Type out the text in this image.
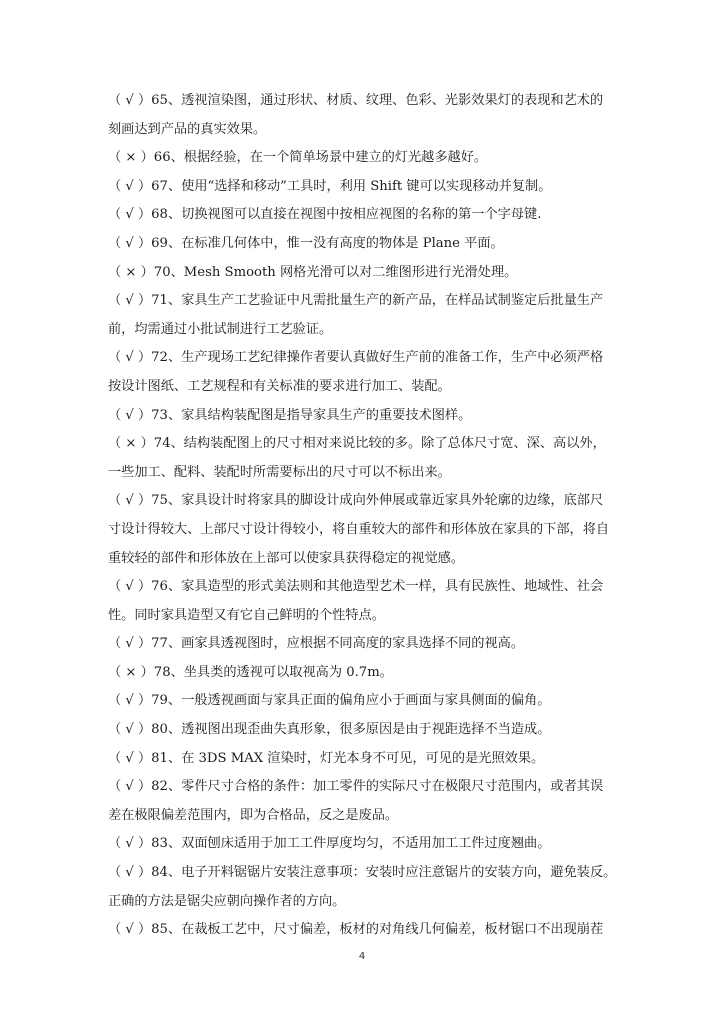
（ √ ）65、透视渲染图，通过形状、材质、纹理、色彩、光影效果灯的表现和艺术的
刻画达到产品的真实效果。
（ × ）66、根据经验，在一个简单场景中建立的灯光越多越好。
（ √ ）67、使用“选择和移动”工具时，利用 Shift 键可以实现移动并复制。
（ √ ）68、切换视图可以直接在视图中按相应视图的名称的第一个字母键.
（ √ ）69、在标准几何体中，惟一没有高度的物体是 Plane 平面。
（ × ）70、Mesh Smooth 网格光滑可以对二维图形进行光滑处理。
（ √ ）71、家具生产工艺验证中凡需批量生产的新产品，在样品试制鉴定后批量生产
前，均需通过小批试制进行工艺验证。
（ √ ）72、生产现场工艺纪律操作者要认真做好生产前的准备工作，生产中必须严格
按设计图纸、工艺规程和有关标准的要求进行加工、装配。
（ √ ）73、家具结构装配图是指导家具生产的重要技术图样。
（ × ）74、结构装配图上的尺寸相对来说比较的多。除了总体尺寸宽、深、高以外，
一些加工、配料、装配时所需要标出的尺寸可以不标出来。
（ √ ）75、家具设计时将家具的脚设计成向外伸展或靠近家具外轮廓的边缘，底部尺
寸设计得较大、上部尺寸设计得较小，将自重较大的部件和形体放在家具的下部，将自
重较轻的部件和形体放在上部可以使家具获得稳定的视觉感。
（ √ ）76、家具造型的形式美法则和其他造型艺术一样，具有民族性、地域性、社会
性。同时家具造型又有它自己鲜明的个性特点。
（ √ ）77、画家具透视图时，应根据不同高度的家具选择不同的视高。
（ × ）78、坐具类的透视可以取视高为 0.7m。
（ √ ）79、一般透视画面与家具正面的偏角应小于画面与家具侧面的偏角。
（ √ ）80、透视图出现歪曲失真形象，很多原因是由于视距选择不当造成。
（ √ ）81、在 3DS MAX 渲染时，灯光本身不可见，可见的是光照效果。
（ √ ）82、零件尺寸合格的条件：加工零件的实际尺寸在极限尺寸范围内，或者其误
差在极限偏差范围内，即为合格品，反之是废品。
（ √ ）83、双面刨床适用于加工工件厚度均匀，不适用加工工件过度翘曲。
（ √ ）84、电子开料锯锯片安装注意事项：安装时应注意锯片的安装方向，避免装反。
正确的方法是锯尖应朝向操作者的方向。
（ √ ）85、在裁板工艺中，尺寸偏差，板材的对角线几何偏差，板材锯口不出现崩茬
4
